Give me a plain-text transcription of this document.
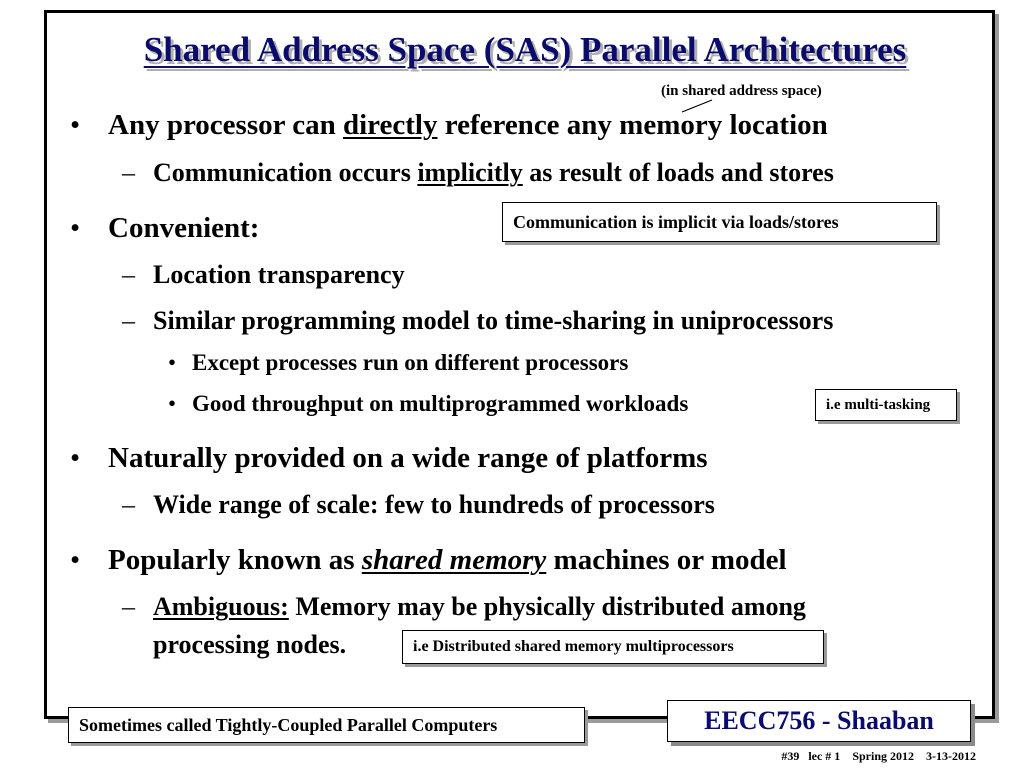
Shared Address Space (SAS) Parallel Architectures
(in shared address space)
• Any processor can directly reference any memory location
– Communication occurs implicitly as result of loads and stores
• Convenient:	Communication is implicit via loads/stores
– Location transparency
– Similar programming model to time-sharing in uniprocessors
• Except processes run on different processors
• Good throughput on multiprogrammed workloads	i.e multi-tasking
• Naturally provided on a wide range of platforms
– Wide range of scale: few to hundreds of processors
• Popularly known as shared memory machines or model
– Ambiguous: Memory may be physically distributed among
processing nodes.	i.e Distributed shared memory multiprocessors
Sometimes called Tightly-Coupled Parallel Computers	EECC756 - Shaaban
#39 lec # 1 Spring 2012 3-13-2012
